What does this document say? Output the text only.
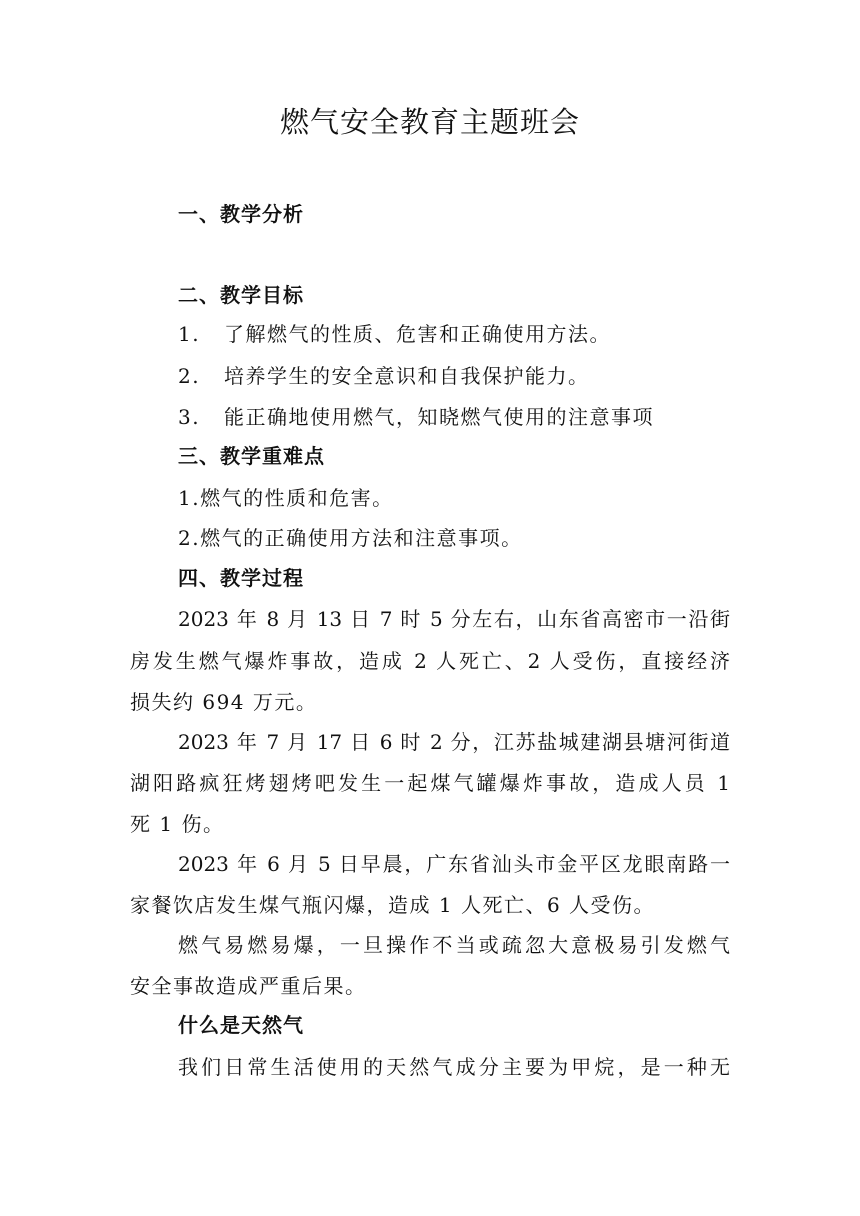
燃气安全教育主题班会
一、教学分析
二、教学目标
1. 了解燃气的性质、危害和正确使用方法。
2. 培养学生的安全意识和自我保护能力。
3. 能正确地使用燃气，知晓燃气使用的注意事项
三、教学重难点
1.燃气的性质和危害。
2.燃气的正确使用方法和注意事项。
四、教学过程
2023 年 8 月 13 日 7 时 5 分左右，山东省高密市一沿街
房发生燃气爆炸事故，造成 2 人死亡、2 人受伤，直接经济
损失约 694 万元。
2023 年 7 月 17 日 6 时 2 分，江苏盐城建湖县塘河街道
湖阳路疯狂烤翅烤吧发生一起煤气罐爆炸事故，造成人员 1
死 1 伤。
2023 年 6 月 5 日早晨，广东省汕头市金平区龙眼南路一
家餐饮店发生煤气瓶闪爆，造成 1 人死亡、6 人受伤。
燃气易燃易爆，一旦操作不当或疏忽大意极易引发燃气
安全事故造成严重后果。
什么是天然气
我们日常生活使用的天然气成分主要为甲烷，是一种无
